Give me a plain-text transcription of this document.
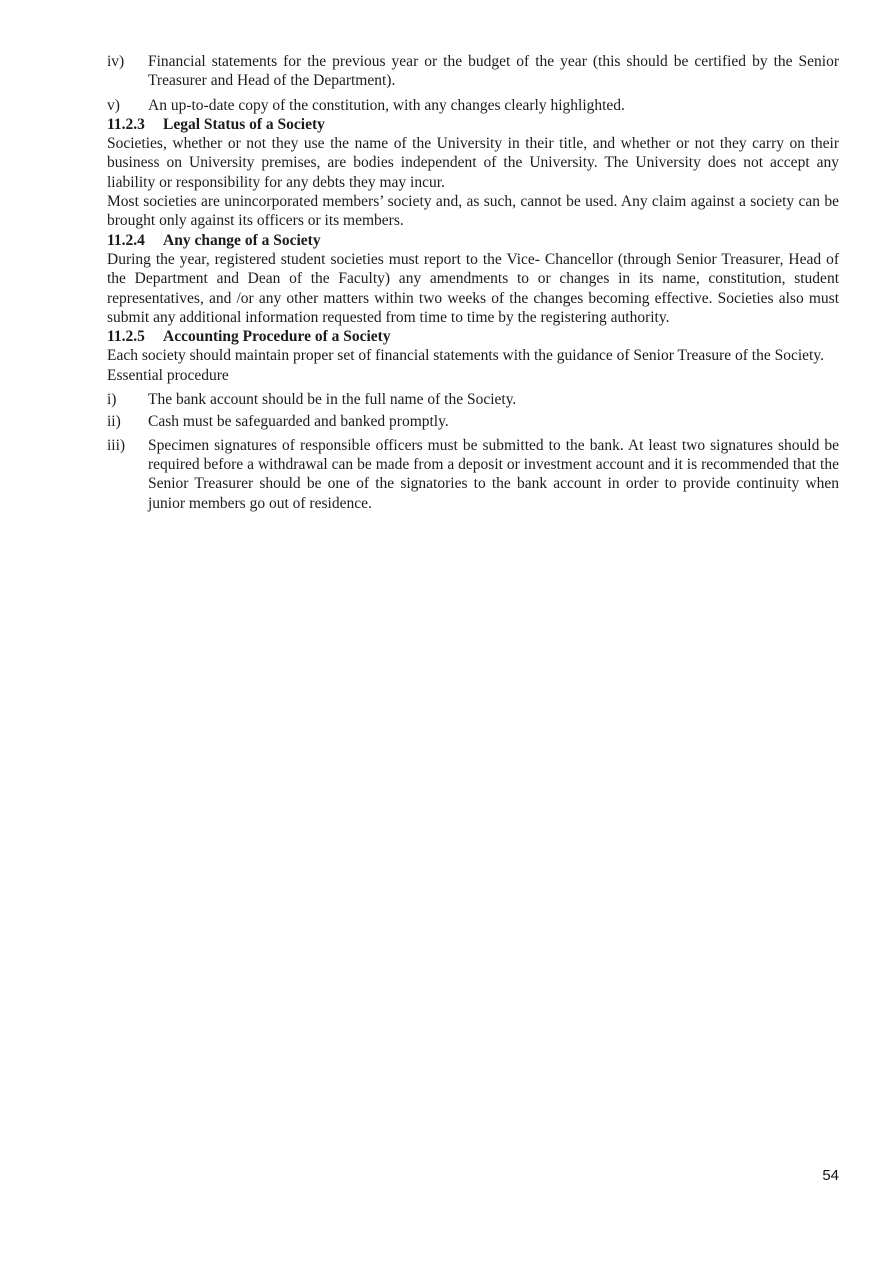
iv)	Financial statements for the previous year or the budget of the year (this should be certified by the Senior Treasurer and Head of the Department).
v)	An up-to-date copy of the constitution, with any changes clearly highlighted.
11.2.3 Legal Status of a Society

Societies, whether or not they use the name of the University in their title, and whether or not they carry on their business on University premises, are bodies independent of the University. The University does not accept any liability or responsibility for any debts they may incur.

Most societies are unincorporated members’ society and, as such, cannot be used. Any claim against a society can be brought only against its officers or its members.

11.2.4 Any change of a Society

During the year, registered student societies must report to the Vice- Chancellor (through Senior Treasurer, Head of the Department and Dean of the Faculty) any amendments to or changes in its name, constitution, student representatives, and /or any other matters within two weeks of the changes becoming effective. Societies also must submit any additional information requested from time to time by the registering authority.

11.2.5 Accounting Procedure of a Society

Each society should maintain proper set of financial statements with the guidance of Senior Treasure of the Society.

Essential procedure

i)	The bank account should be in the full name of the Society.
ii)	Cash must be safeguarded and banked promptly.
iii)	Specimen signatures of responsible officers must be submitted to the bank. At least two signatures should be required before a withdrawal can be made from a deposit or investment account and it is recommended that the Senior Treasurer should be one of the signatories to the bank account in order to provide continuity when junior members go out of residence.
54
